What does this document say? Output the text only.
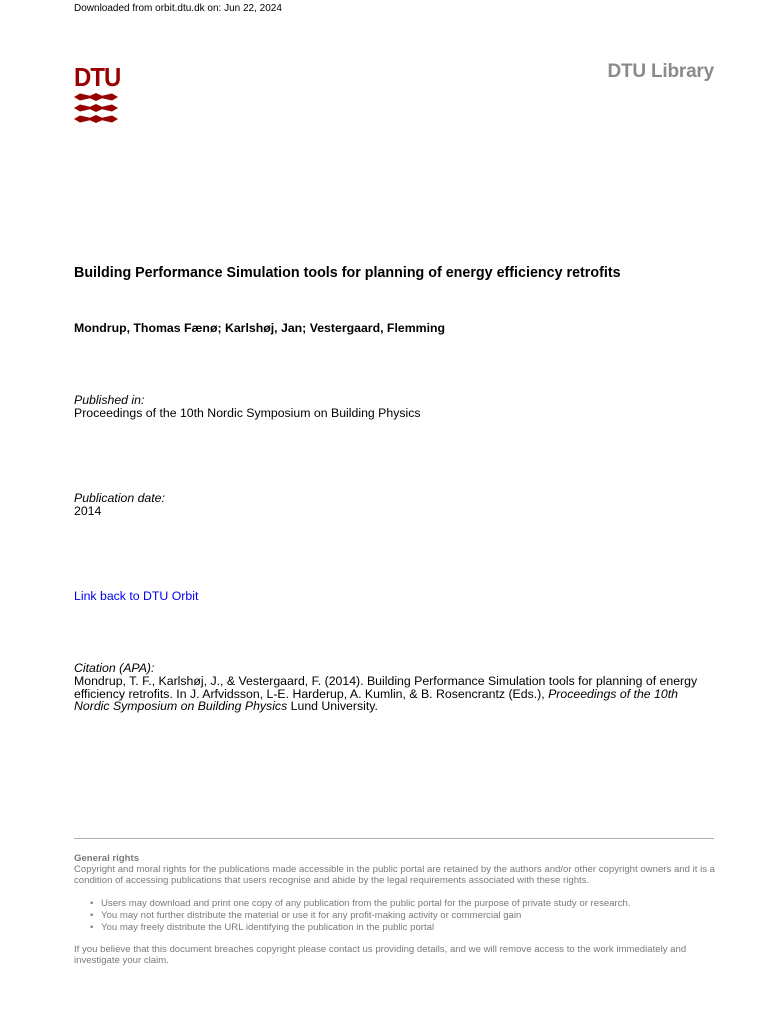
Downloaded from orbit.dtu.dk on: Jun 22, 2024
DTU	DTU Library
Building Performance Simulation tools for planning of energy efficiency retrofits
Mondrup, Thomas Fænø; Karlshøj, Jan; Vestergaard, Flemming
Published in:
Proceedings of the 10th Nordic Symposium on Building Physics
Publication date:
2014
Link back to DTU Orbit
Citation (APA):
Mondrup, T. F., Karlshøj, J., & Vestergaard, F. (2014). Building Performance Simulation tools for planning of energy efficiency retrofits. In J. Arfvidsson, L-E. Harderup, A. Kumlin, & B. Rosencrantz (Eds.), Proceedings of the 10th Nordic Symposium on Building Physics Lund University.
General rights
Copyright and moral rights for the publications made accessible in the public portal are retained by the authors and/or other copyright owners and it is a condition of accessing publications that users recognise and abide by the legal requirements associated with these rights.
• Users may download and print one copy of any publication from the public portal for the purpose of private study or research.
• You may not further distribute the material or use it for any profit-making activity or commercial gain
• You may freely distribute the URL identifying the publication in the public portal
If you believe that this document breaches copyright please contact us providing details, and we will remove access to the work immediately and investigate your claim.
